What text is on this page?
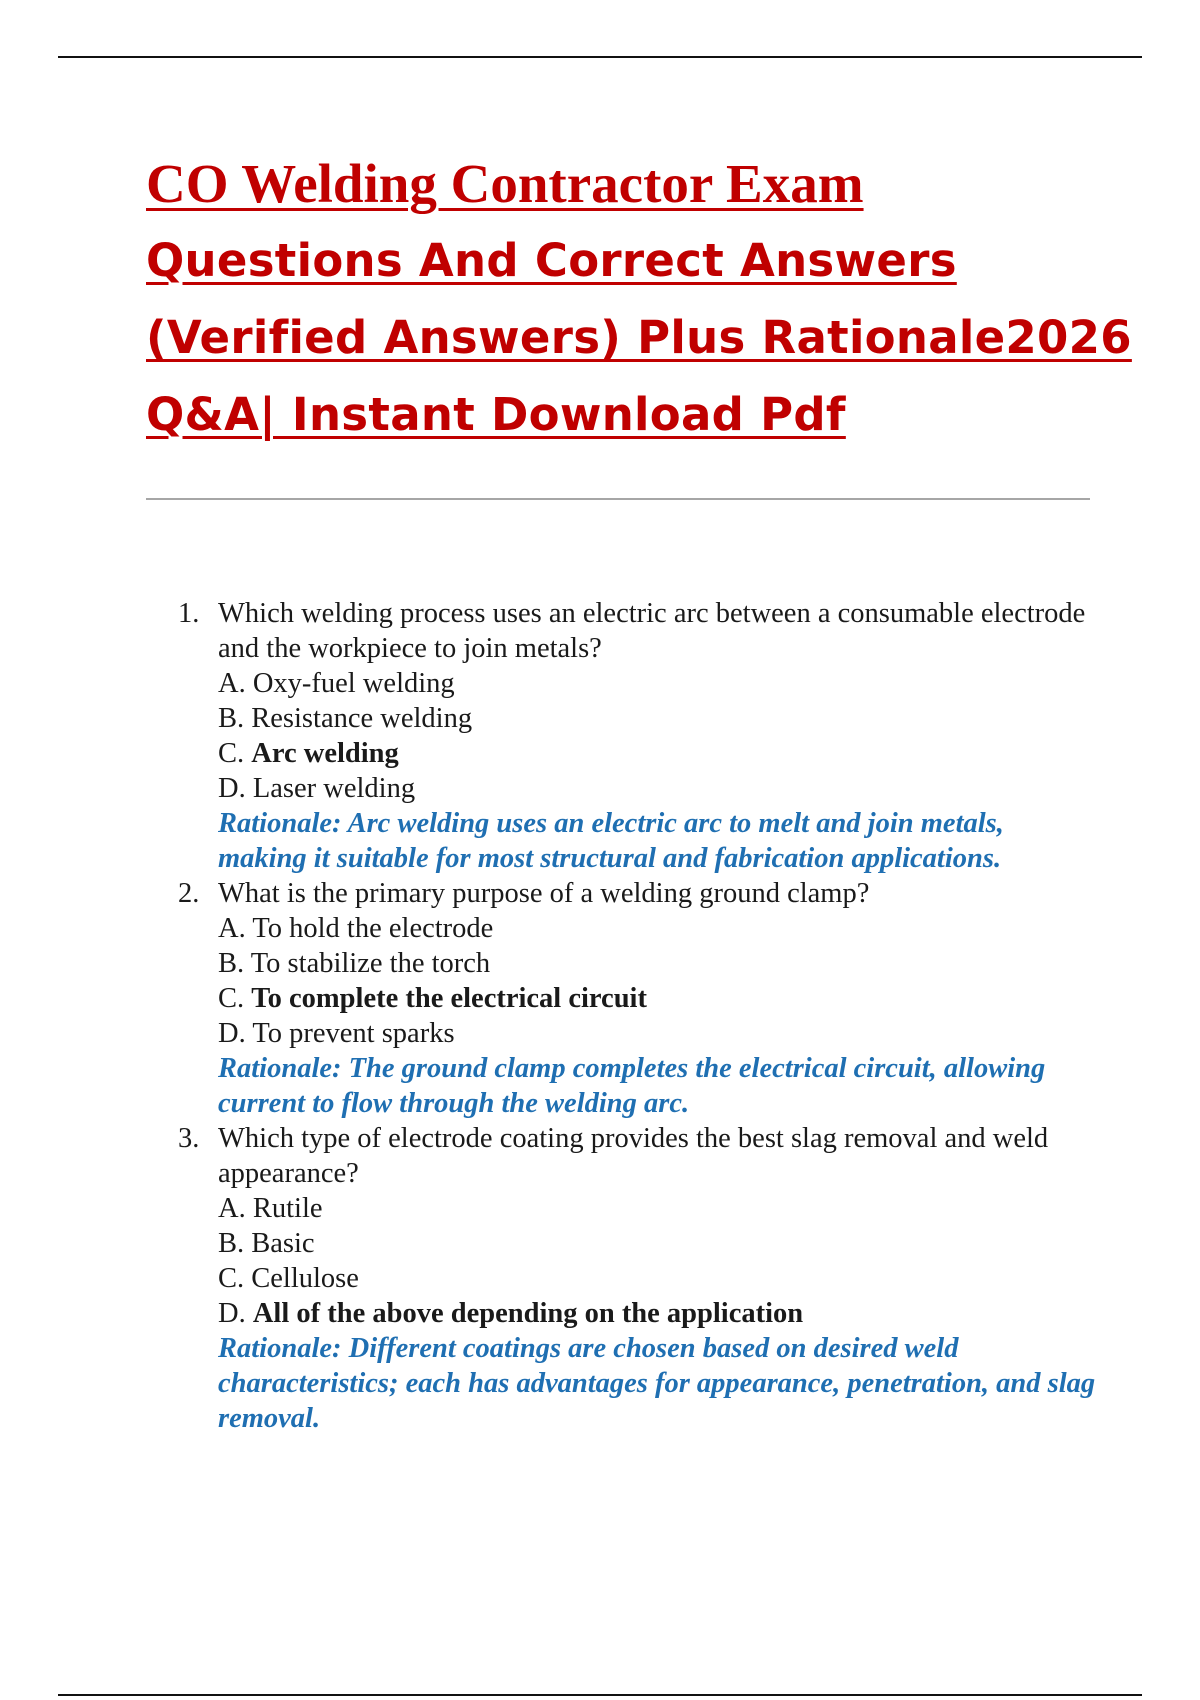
CO Welding Contractor Exam
Questions And Correct Answers
(Verified Answers) Plus Rationale2026
Q&A| Instant Download Pdf
1. Which welding process uses an electric arc between a consumable electrode and the workpiece to join metals?
A. Oxy-fuel welding
B. Resistance welding
C. Arc welding
D. Laser welding
Rationale: Arc welding uses an electric arc to melt and join metals, making it suitable for most structural and fabrication applications.
2. What is the primary purpose of a welding ground clamp?
A. To hold the electrode
B. To stabilize the torch
C. To complete the electrical circuit
D. To prevent sparks
Rationale: The ground clamp completes the electrical circuit, allowing current to flow through the welding arc.
3. Which type of electrode coating provides the best slag removal and weld appearance?
A. Rutile
B. Basic
C. Cellulose
D. All of the above depending on the application
Rationale: Different coatings are chosen based on desired weld characteristics; each has advantages for appearance, penetration, and slag removal.
